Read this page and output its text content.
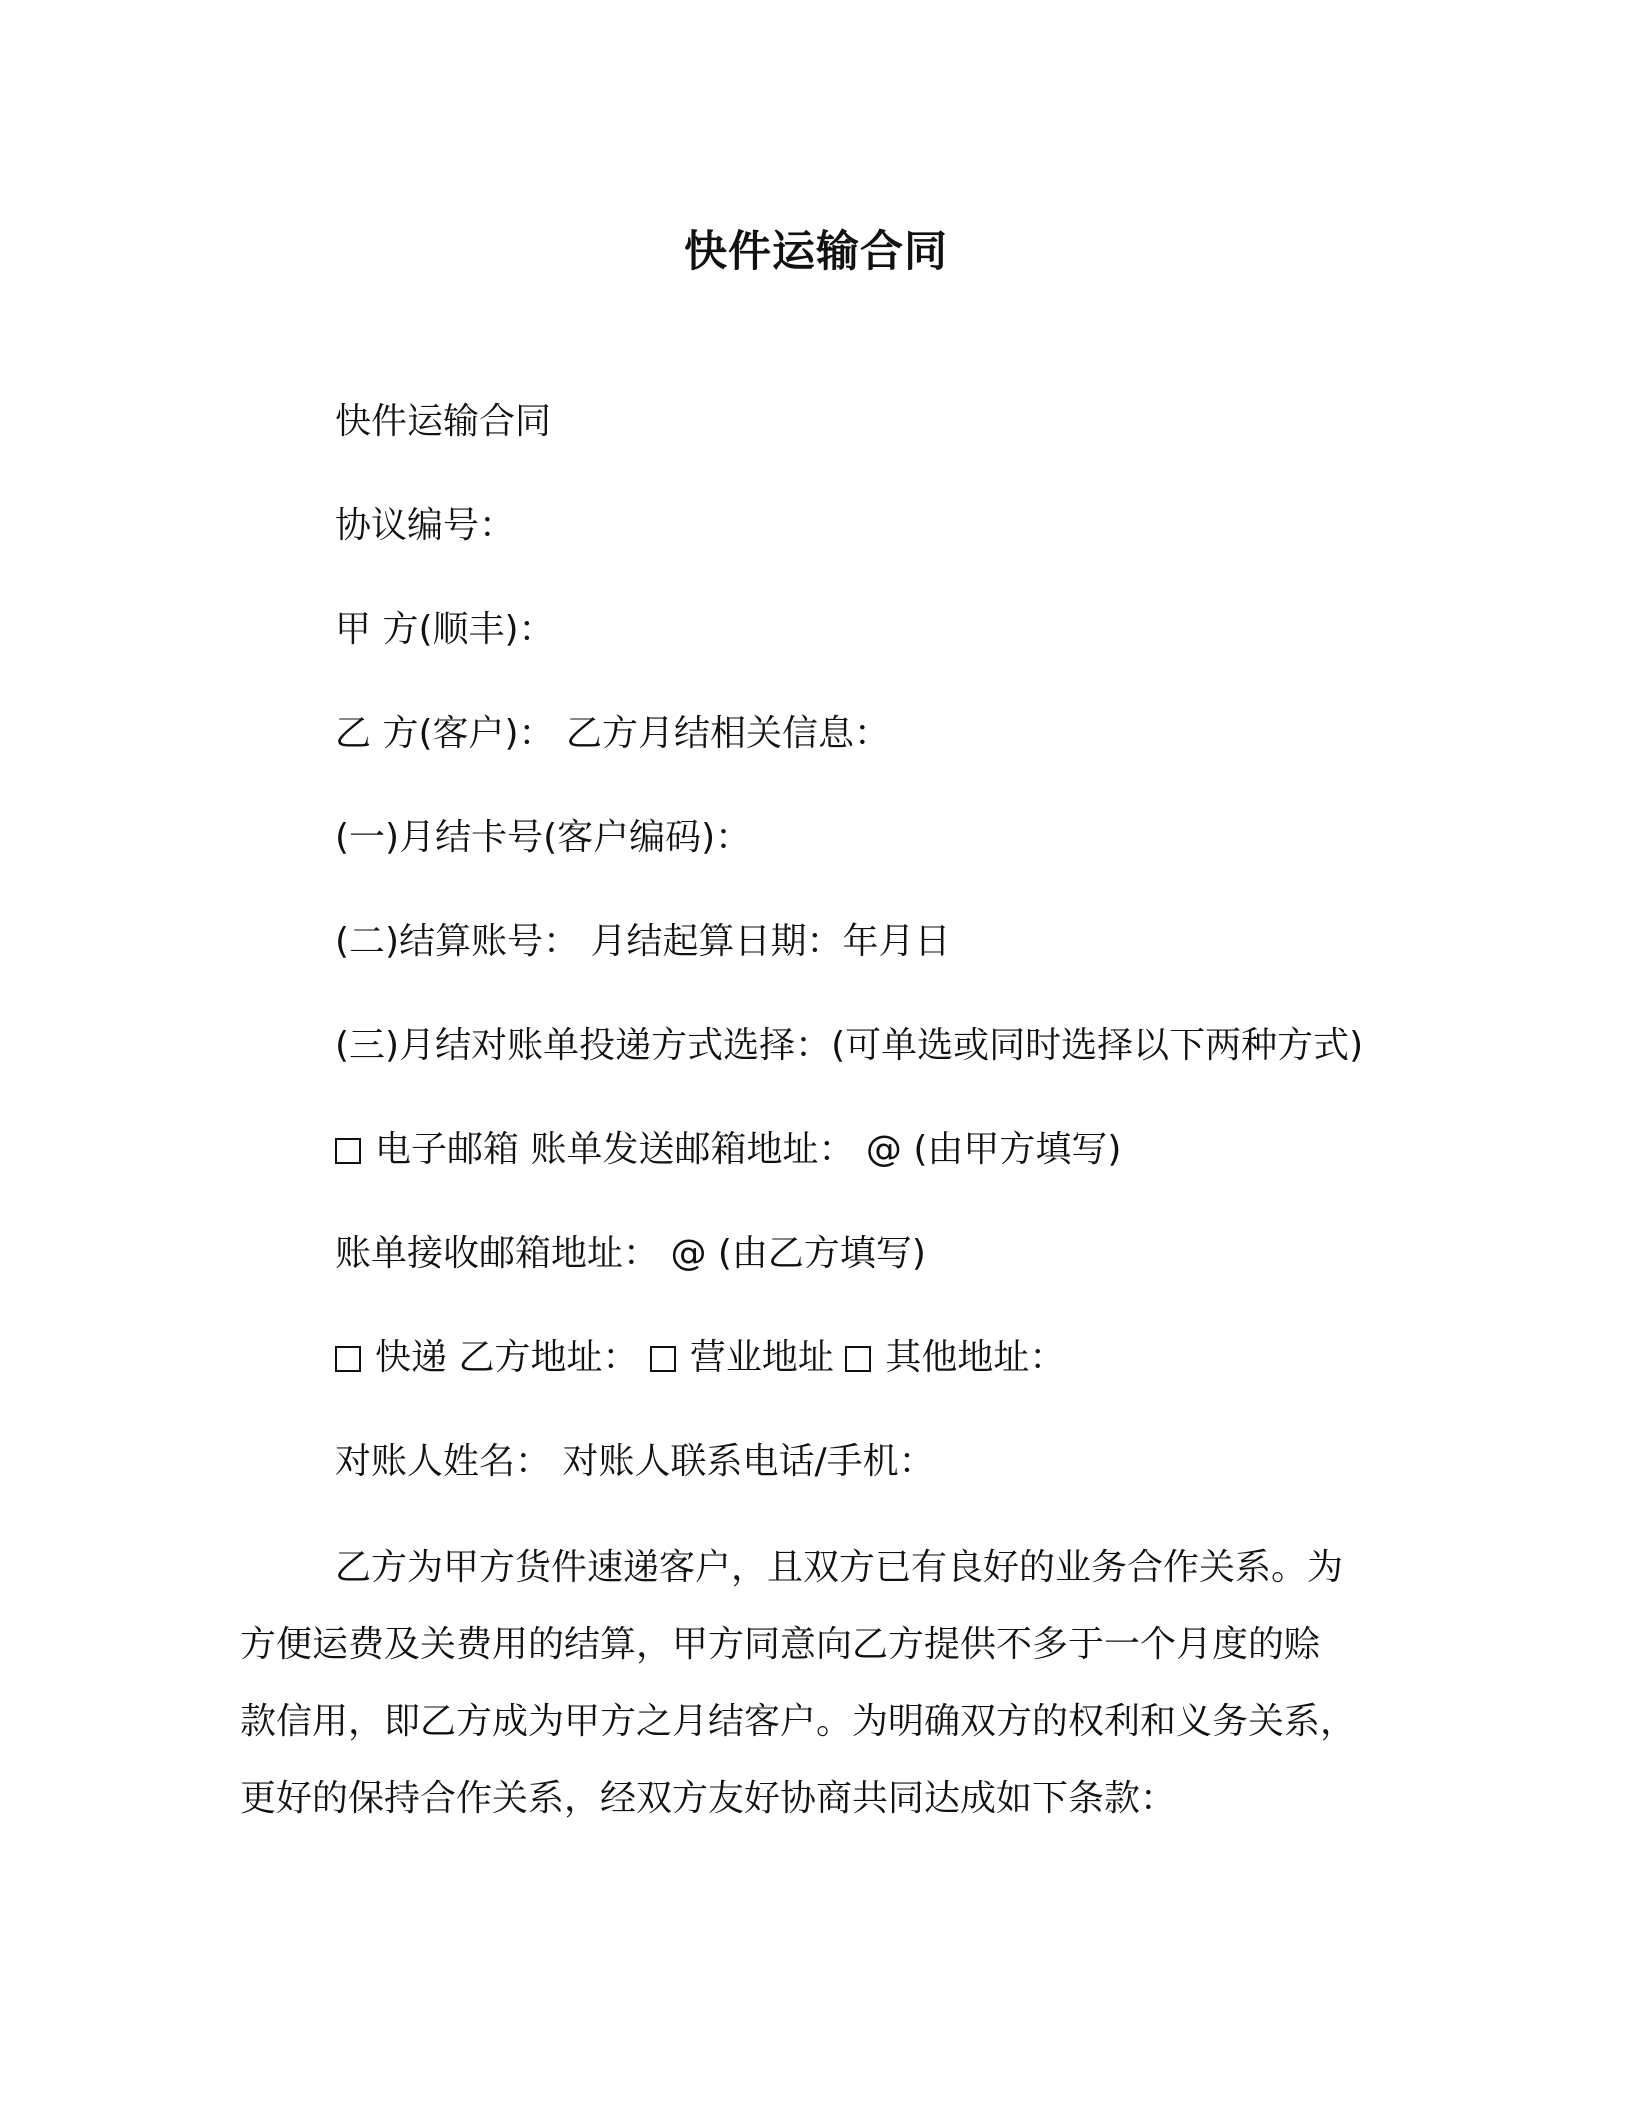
快件运输合同

快件运输合同

协议编号：

甲 方(顺丰)：

乙 方(客户)： 乙方月结相关信息：

(一)月结卡号(客户编码)：

(二)结算账号： 月结起算日期：年月日

(三)月结对账单投递方式选择：(可单选或同时选择以下两种方式)

电子邮箱 账单发送邮箱地址： @ (由甲方填写)

账单接收邮箱地址： @ (由乙方填写)

快递 乙方地址： 营业地址 其他地址：

对账人姓名： 对账人联系电话/手机：

乙方为甲方货件速递客户，且双方已有良好的业务合作关系。为
方便运费及关费用的结算，甲方同意向乙方提供不多于一个月度的赊
款信用，即乙方成为甲方之月结客户。为明确双方的权利和义务关系，
更好的保持合作关系，经双方友好协商共同达成如下条款：
